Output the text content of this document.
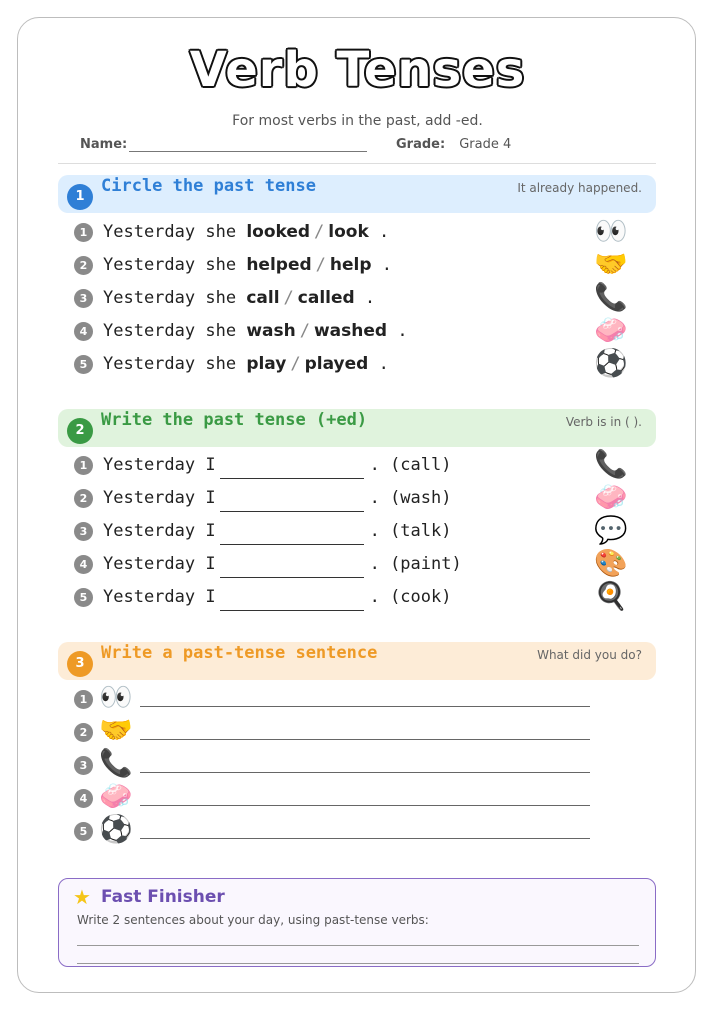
Verb Tenses
For most verbs in the past, add -ed.
Name:	Grade: Grade 4
1
Circle the past tense	It already happened.
1 Yesterday she looked / look .	👀
2 Yesterday she helped / help .	🤝
3 Yesterday she call / called .	📞
4 Yesterday she wash / washed .	🧼
5 Yesterday she play / played .	⚽
2
Write the past tense (+ed)	Verb is in ( ).
1 Yesterday I	. (call)	📞
2 Yesterday I	. (wash)	🧼
3 Yesterday I	. (talk)	💬
4 Yesterday I	. (paint)	🎨
5 Yesterday I	. (cook)	🍳
3
Write a past-tense sentence	What did you do?
1 👀
2 🤝
3 📞
4 🧼
5 ⚽
★ Fast Finisher
Write 2 sentences about your day, using past-tense verbs:
